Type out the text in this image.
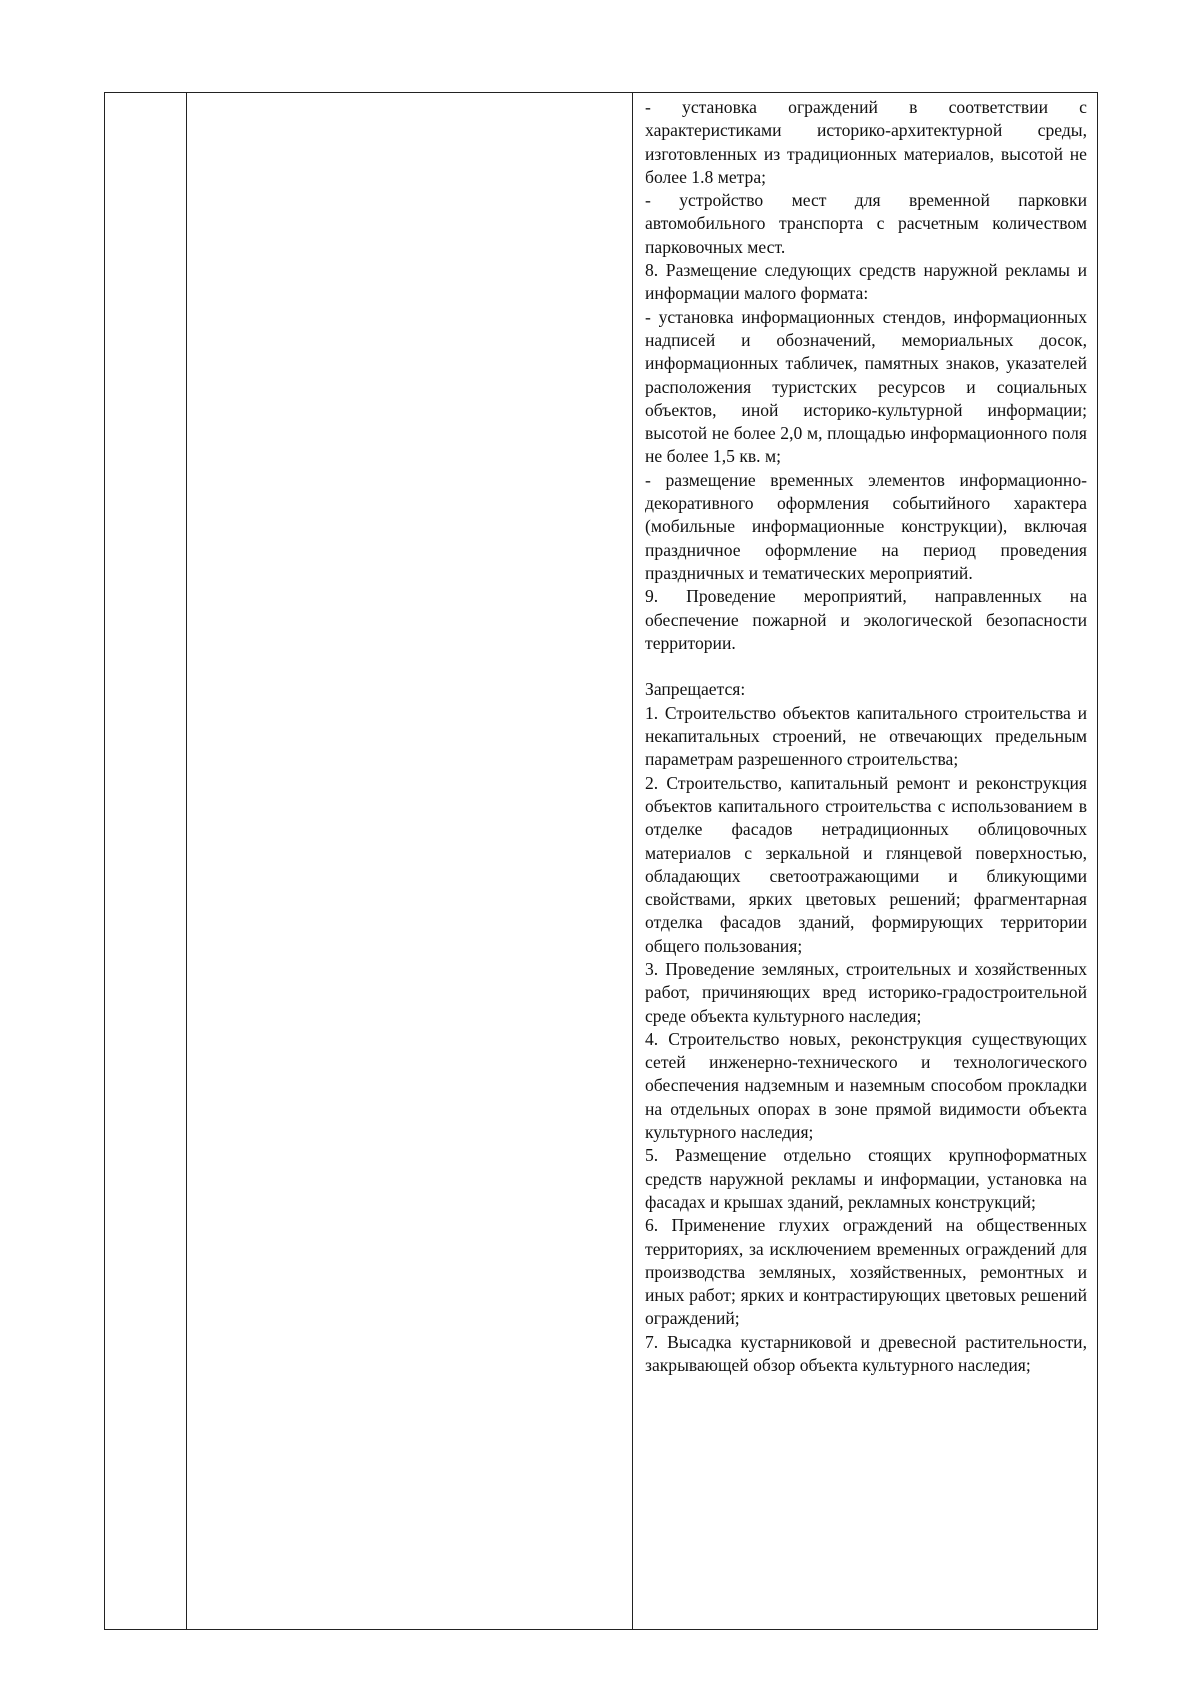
- установка ограждений в соответствии с характеристиками историко-архитектурной среды, изготовленных из традиционных материалов, высотой не более 1.8 метра;

- устройство мест для временной парковки автомобильного транспорта с расчетным количеством парковочных мест.

8. Размещение следующих средств наружной рекламы и информации малого формата:

- установка информационных стендов, информационных надписей и обозначений, мемориальных досок, информационных табличек, памятных знаков, указателей расположения туристских ресурсов и социальных объектов, иной историко-культурной информации; высотой не более 2,0 м, площадью информационного поля не более 1,5 кв. м;

- размещение временных элементов информационно-декоративного оформления событийного характера (мобильные информационные конструкции), включая праздничное оформление на период проведения праздничных и тематических мероприятий.

9. Проведение мероприятий, направленных на обеспечение пожарной и экологической безопасности территории.

Запрещается:

1. Строительство объектов капитального строительства и некапитальных строений, не отвечающих предельным параметрам разрешенного строительства;

2. Строительство, капитальный ремонт и реконструкция объектов капитального строительства с использованием в отделке фасадов нетрадиционных облицовочных материалов с зеркальной и глянцевой поверхностью, обладающих светоотражающими и бликующими свойствами, ярких цветовых решений; фрагментарная отделка фасадов зданий, формирующих территории общего пользования;

3. Проведение земляных, строительных и хозяйственных работ, причиняющих вред историко-градостроительной среде объекта культурного наследия;

4. Строительство новых, реконструкция существующих сетей инженерно-технического и технологического обеспечения надземным и наземным способом прокладки на отдельных опорах в зоне прямой видимости объекта культурного наследия;

5. Размещение отдельно стоящих крупноформатных средств наружной рекламы и информации, установка на фасадах и крышах зданий, рекламных конструкций;

6. Применение глухих ограждений на общественных территориях, за исключением временных ограждений для производства земляных, хозяйственных, ремонтных и иных работ; ярких и контрастирующих цветовых решений ограждений;

7. Высадка кустарниковой и древесной растительности, закрывающей обзор объекта культурного наследия;
